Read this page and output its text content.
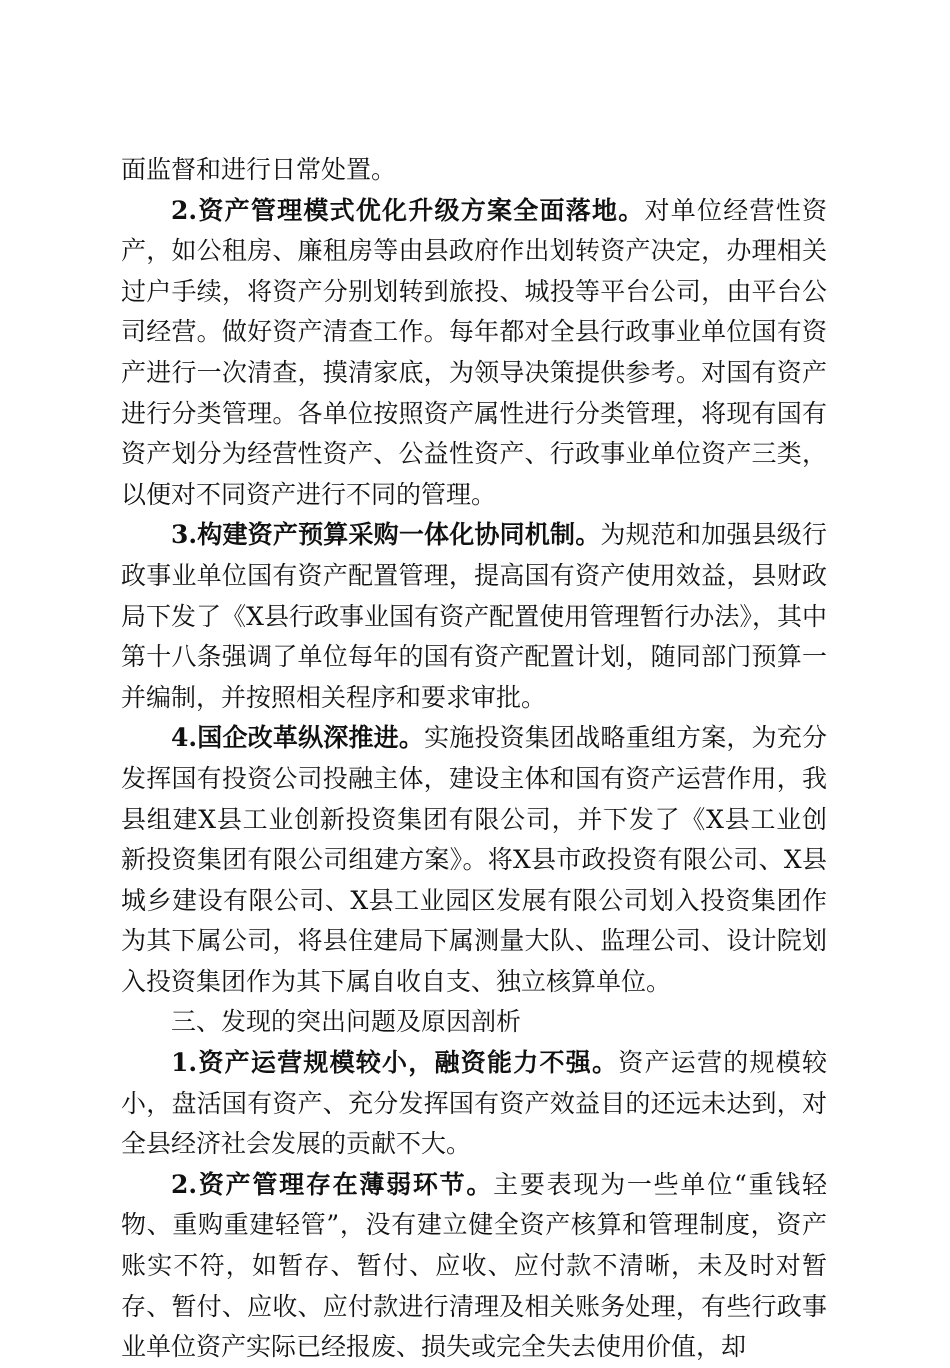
面监督和进行日常处置。

2.资产管理模式优化升级方案全面落地。对单位经营性资产，如公租房、廉租房等由县政府作出划转资产决定，办理相关过户手续，将资产分别划转到旅投、城投等平台公司，由平台公司经营。做好资产清查工作。每年都对全县行政事业单位国有资产进行一次清查，摸清家底，为领导决策提供参考。对国有资产进行分类管理。各单位按照资产属性进行分类管理，将现有国有资产划分为经营性资产、公益性资产、行政事业单位资产三类，以便对不同资产进行不同的管理。

3.构建资产预算采购一体化协同机制。为规范和加强县级行政事业单位国有资产配置管理，提高国有资产使用效益，县财政局下发了《X县行政事业国有资产配置使用管理暂行办法》，其中第十八条强调了单位每年的国有资产配置计划，随同部门预算一并编制，并按照相关程序和要求审批。

4.国企改革纵深推进。实施投资集团战略重组方案，为充分发挥国有投资公司投融主体，建设主体和国有资产运营作用，我县组建X县工业创新投资集团有限公司，并下发了《X县工业创新投资集团有限公司组建方案》。将X县市政投资有限公司、X县城乡建设有限公司、X县工业园区发展有限公司划入投资集团作为其下属公司，将县住建局下属测量大队、监理公司、设计院划入投资集团作为其下属自收自支、独立核算单位。

三、发现的突出问题及原因剖析

1.资产运营规模较小，融资能力不强。资产运营的规模较小，盘活国有资产、充分发挥国有资产效益目的还远未达到，对全县经济社会发展的贡献不大。

2.资产管理存在薄弱环节。主要表现为一些单位“重钱轻物、重购重建轻管”，没有建立健全资产核算和管理制度，资产账实不符，如暂存、暂付、应收、应付款不清晰，未及时对暂存、暂付、应收、应付款进行清理及相关账务处理，有些行政事业单位资产实际已经报废、损失或完全失去使用价值，却
